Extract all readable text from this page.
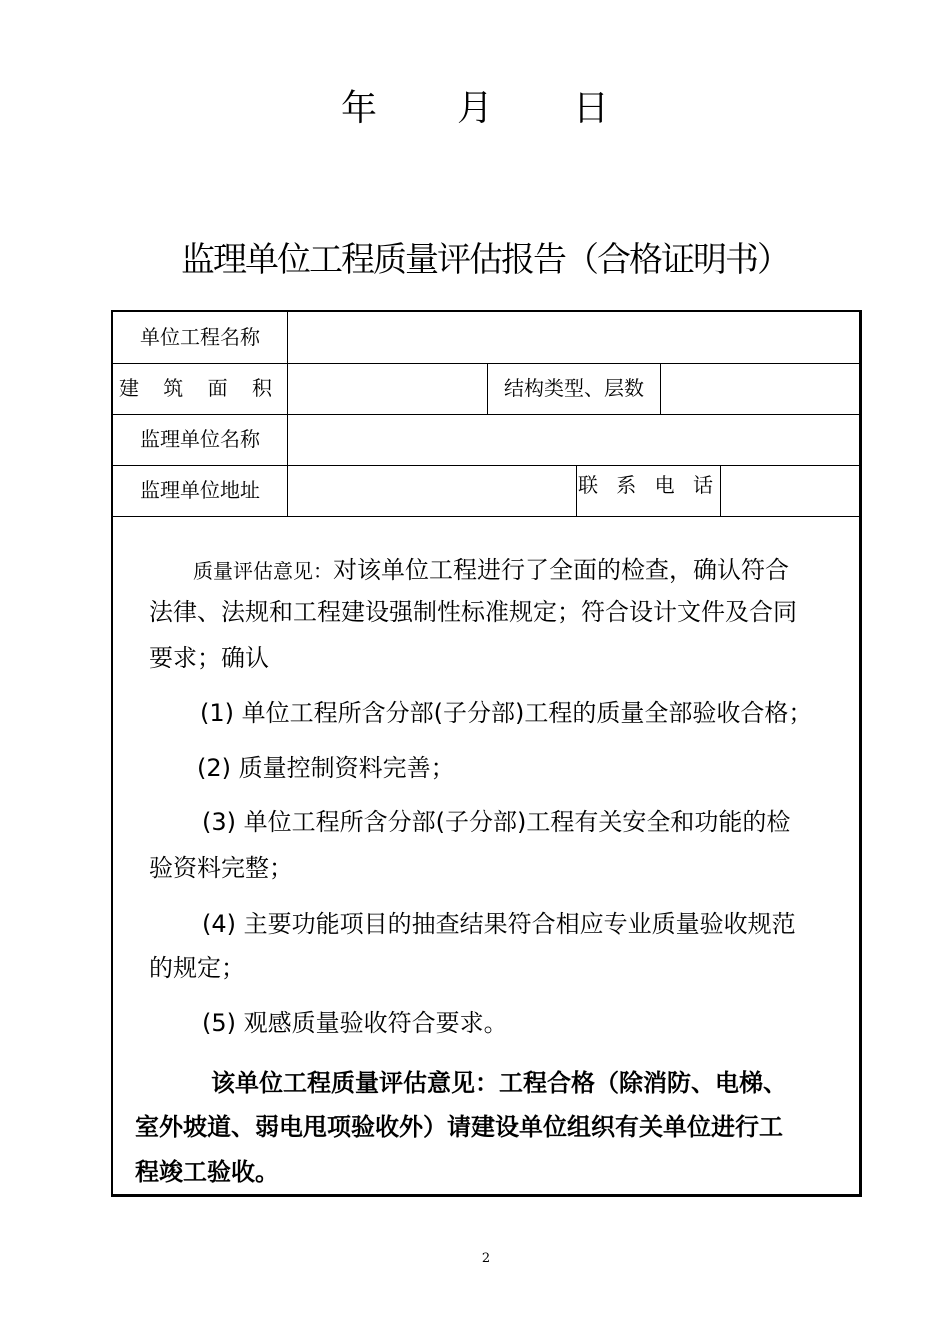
年 月 日
监理单位工程质量评估报告（合格证明书）
单位工程名称
建 筑 面 积	结构类型、层数
监理单位名称
监理单位地址	联 系 电 话
质量评估意见：对该单位工程进行了全面的检查，确认符合
法律、法规和工程建设强制性标准规定；符合设计文件及合同
要求；确认
(1) 单位工程所含分部(子分部)工程的质量全部验收合格；
(2) 质量控制资料完善；
(3) 单位工程所含分部(子分部)工程有关安全和功能的检
验资料完整；
(4) 主要功能项目的抽查结果符合相应专业质量验收规范
的规定；
(5) 观感质量验收符合要求。
该单位工程质量评估意见：工程合格（除消防、电梯、
室外坡道、弱电甩项验收外）请建设单位组织有关单位进行工
程竣工验收。
2
